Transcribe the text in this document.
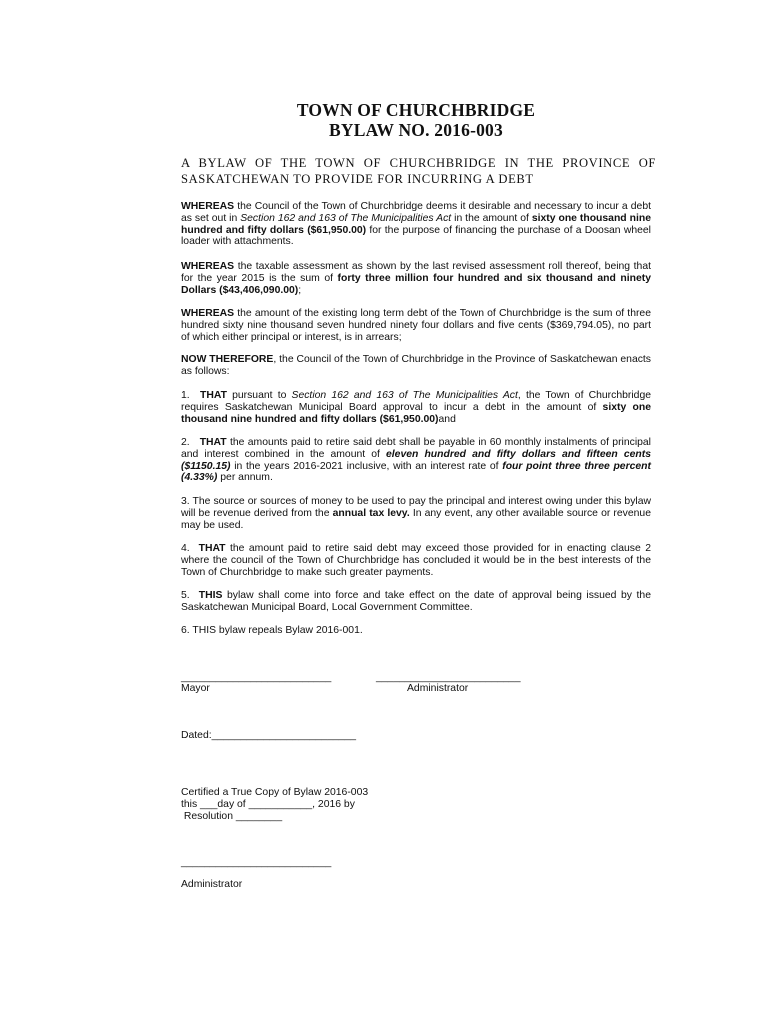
TOWN OF CHURCHBRIDGE
BYLAW NO. 2016-003
A BYLAW OF THE TOWN OF CHURCHBRIDGE IN THE PROVINCE OF SASKATCHEWAN TO PROVIDE FOR INCURRING A DEBT
WHEREAS the Council of the Town of Churchbridge deems it desirable and necessary to incur a debt as set out in Section 162 and 163 of The Municipalities Act in the amount of sixty one thousand nine hundred and fifty dollars ($61,950.00) for the purpose of financing the purchase of a Doosan wheel loader with attachments.
WHEREAS the taxable assessment as shown by the last revised assessment roll thereof, being that for the year 2015 is the sum of forty three million four hundred and six thousand and ninety Dollars ($43,406,090.00);
WHEREAS the amount of the existing long term debt of the Town of Churchbridge is the sum of three hundred sixty nine thousand seven hundred ninety four dollars and five cents ($369,794.05), no part of which either principal or interest, is in arrears;
NOW THEREFORE, the Council of the Town of Churchbridge in the Province of Saskatchewan enacts as follows:
1.  THAT pursuant to Section 162 and 163 of The Municipalities Act, the Town of Churchbridge requires Saskatchewan Municipal Board approval to incur a debt in the amount of sixty one thousand nine hundred and fifty dollars ($61,950.00)and
2.   THAT the amounts paid to retire said debt shall be payable in 60 monthly instalments of principal and interest combined in the amount of eleven hundred and fifty dollars and fifteen cents ($1150.15) in the years 2016-2021 inclusive, with an interest rate of four point three three percent (4.33%) per annum.
3. The source or sources of money to be used to pay the principal and interest owing under this bylaw will be revenue derived from the annual tax levy. In any event, any other available source or revenue may be used.
4.  THAT the amount paid to retire said debt may exceed those provided for in enacting clause 2 where the council of the Town of Churchbridge has concluded it would be in the best interests of the Town of Churchbridge to make such greater payments.
5.  THIS bylaw shall come into force and take effect on the date of approval being issued by the Saskatchewan Municipal Board, Local Government Committee.
6. THIS bylaw repeals Bylaw 2016-001.
__________________________	_________________________
Mayor	Administrator
Dated:_________________________
Certified a True Copy of Bylaw 2016-003
this ___day of ___________, 2016 by
Resolution ________
__________________________
Administrator
